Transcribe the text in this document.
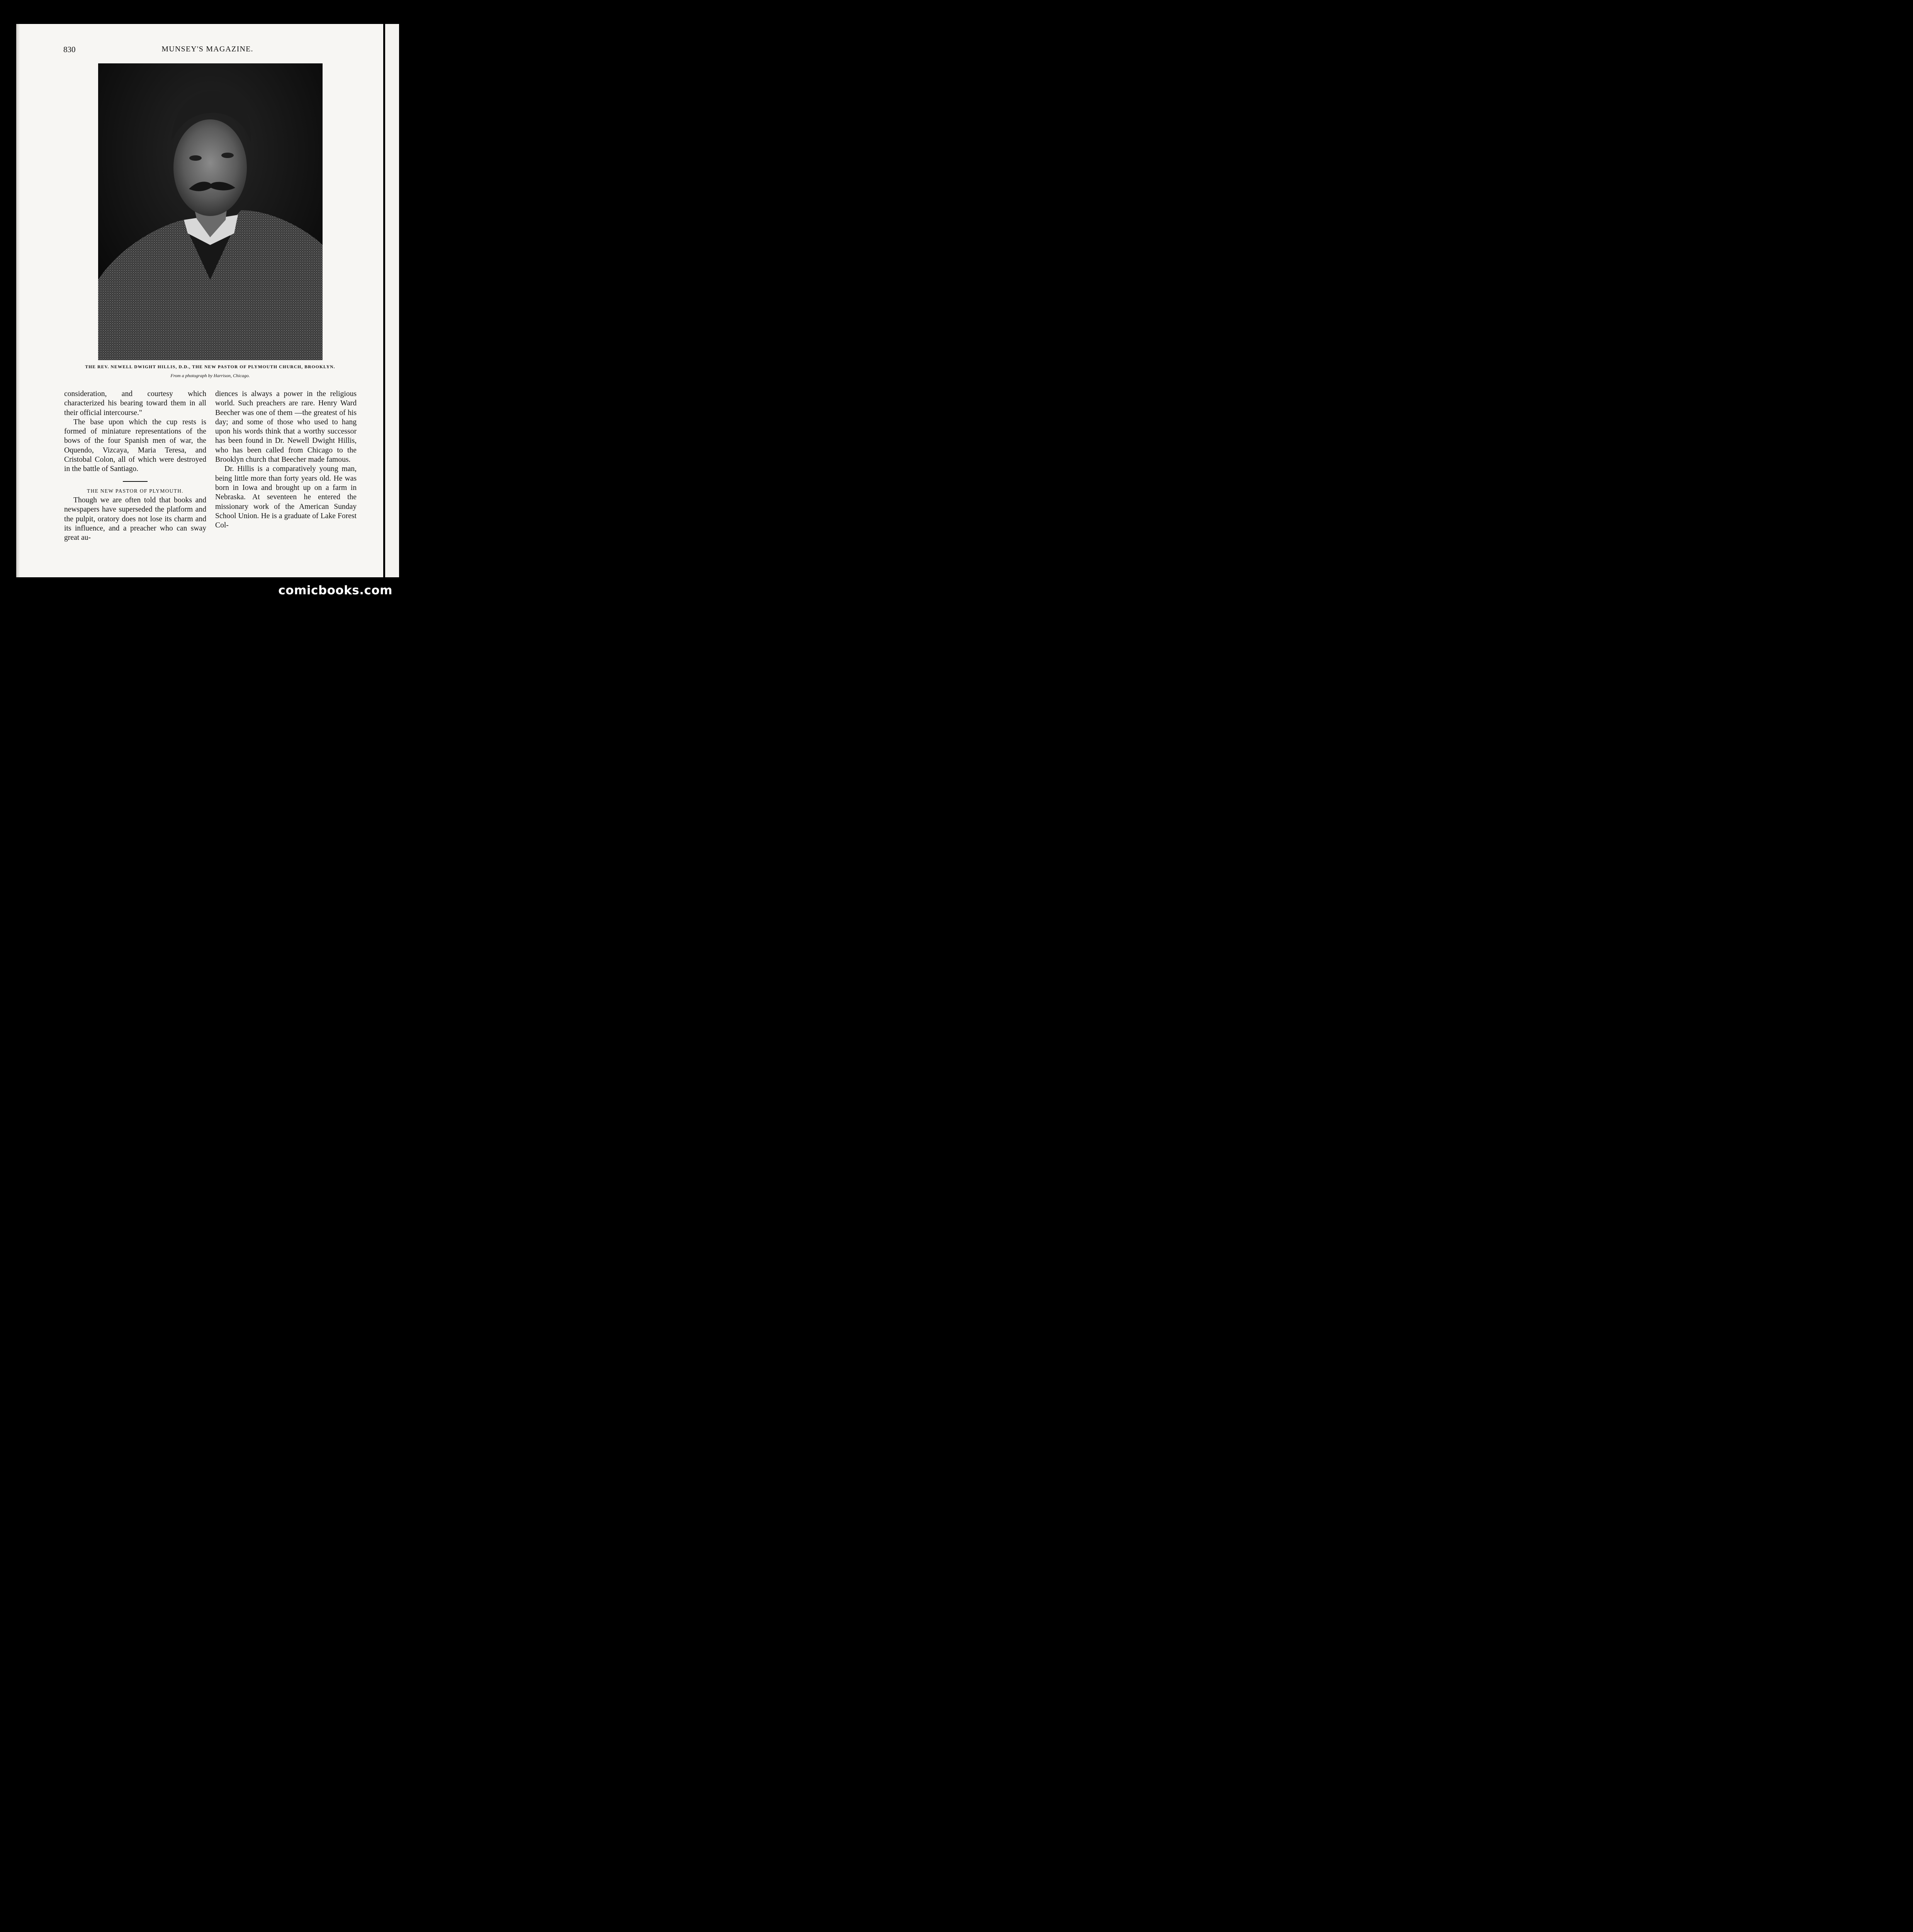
830	MUNSEY'S MAGAZINE.
THE REV. NEWELL DWIGHT HILLIS, D.D., THE NEW PASTOR OF PLYMOUTH CHURCH, BROOKLYN.
From a photograph by Harrison, Chicago.

consideration, and courtesy which characterized his bearing toward them in all their official intercourse."

The base upon which the cup rests is formed of miniature representations of the bows of the four Spanish men of war, the Oquendo, Vizcaya, Maria Teresa, and Cristobal Colon, all of which were destroyed in the battle of Santiago.

THE NEW PASTOR OF PLYMOUTH.

Though we are often told that books and newspapers have superseded the platform and the pulpit, oratory does not lose its charm and its influence, and a preacher who can sway great au-

diences is always a power in the religious world. Such preachers are rare. Henry Ward Beecher was one of them —the greatest of his day; and some of those who used to hang upon his words think that a worthy successor has been found in Dr. Newell Dwight Hillis, who has been called from Chicago to the Brooklyn church that Beecher made famous.

Dr. Hillis is a comparatively young man, being little more than forty years old. He was born in Iowa and brought up on a farm in Nebraska. At seventeen he entered the missionary work of the American Sunday School Union. He is a graduate of Lake Forest Col-

comicbooks.com
